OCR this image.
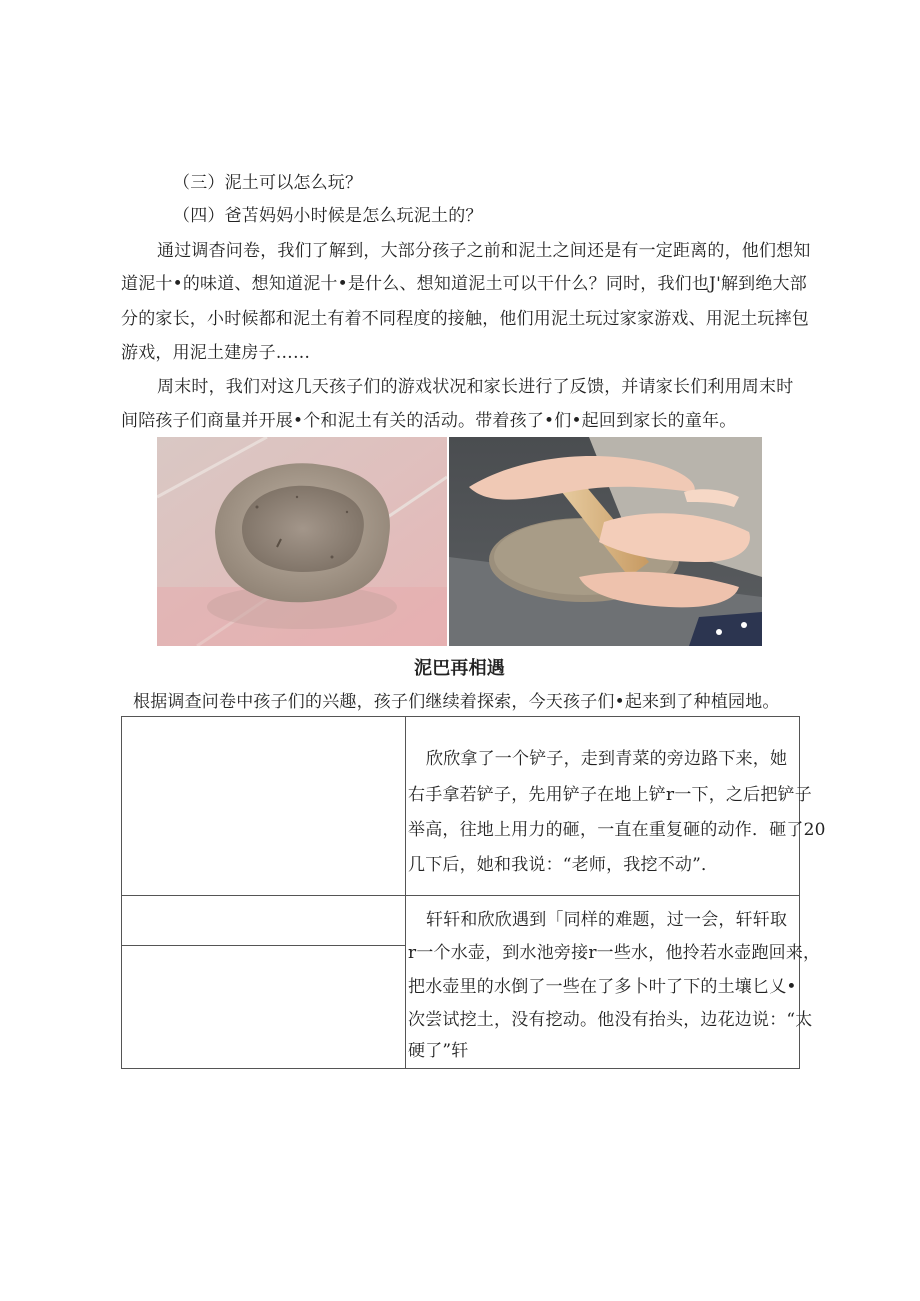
（三）泥土可以怎么玩？
（四）爸苫妈妈小时候是怎么玩泥土的？
通过调杳问卷，我们了解到，大部分孩子之前和泥土之间还是有一定距离的，他们想知
道泥十•的味道、想知道泥十•是什么、想知道泥土可以干什么？同时，我们也J'解到绝大部
分的家长，小时候都和泥土有着不同程度的接触，他们用泥土玩过家家游戏、用泥土玩摔包
游戏，用泥土建房子……
周末时，我们对这几天孩子们的游戏状况和家长进行了反馈，并请家长们利用周末时
间陪孩子们商量并开展•个和泥土有关的活动。带着孩了•们•起回到家长的童年。
泥巴再相遇
根据调查问卷中孩子们的兴趣，孩子们继续着探索，今天孩子们•起来到了种植园地。

	欣欣拿了一个铲子，走到青菜的旁边路下来，她
右手拿若铲子，先用铲子在地上铲r一下，之后把铲子
举高，往地上用力的砸，一直在重复砸的动作．砸了20
几下后，她和我说：“老师，我挖不动”．

	轩轩和欣欣遇到「同样的难题，过一会，轩轩取
r一个水壶，到水池旁接r一些水，他拎若水壶跑回来，
把水壶里的水倒了一些在了多卜叶了下的土壤匕乂•
次尝试挖土，没有挖动。他没有抬头，边花边说：“太
硬了”轩
